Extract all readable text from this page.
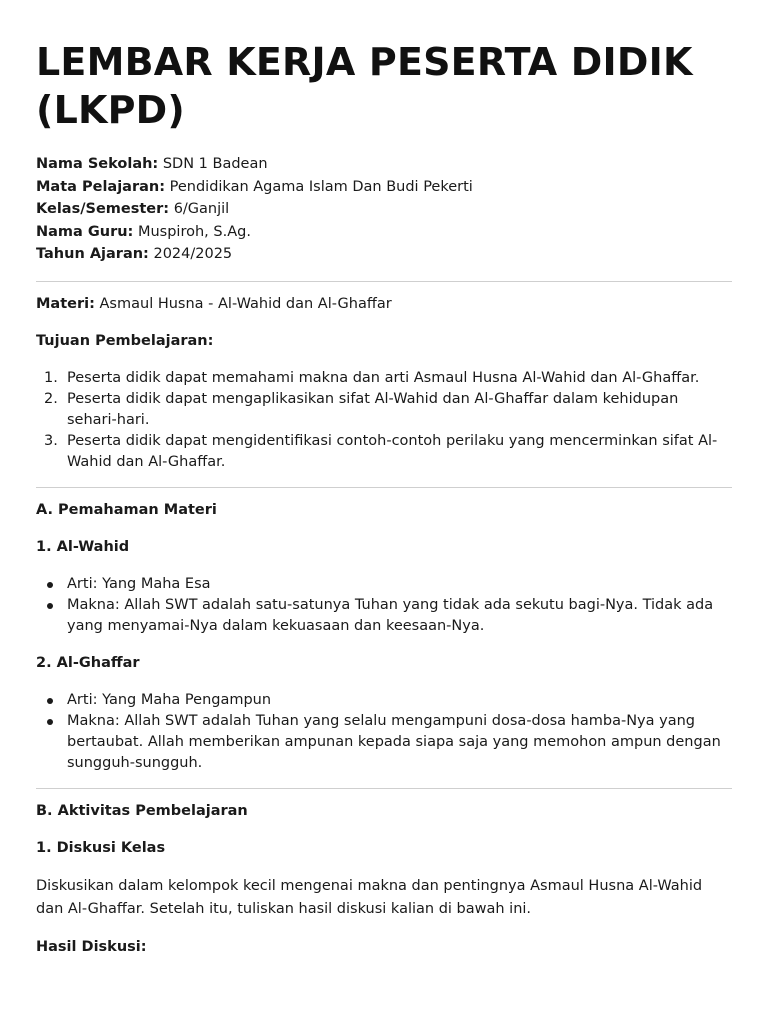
LEMBAR KERJA PESERTA DIDIK (LKPD)
Nama Sekolah: SDN 1 Badean
Mata Pelajaran: Pendidikan Agama Islam Dan Budi Pekerti
Kelas/Semester: 6/Ganjil
Nama Guru: Muspiroh, S.Ag.
Tahun Ajaran: 2024/2025

Materi: Asmaul Husna - Al-Wahid dan Al-Ghaffar

Tujuan Pembelajaran:

1. Peserta didik dapat memahami makna dan arti Asmaul Husna Al-Wahid dan Al-Ghaffar.
2. Peserta didik dapat mengaplikasikan sifat Al-Wahid dan Al-Ghaffar dalam kehidupan sehari-hari.
3. Peserta didik dapat mengidentifikasi contoh-contoh perilaku yang mencerminkan sifat Al-Wahid dan Al-Ghaffar.

A. Pemahaman Materi

1. Al-Wahid

Arti: Yang Maha Esa
Makna: Allah SWT adalah satu-satunya Tuhan yang tidak ada sekutu bagi-Nya. Tidak ada yang menyamai-Nya dalam kekuasaan dan keesaan-Nya.

2. Al-Ghaffar

Arti: Yang Maha Pengampun
Makna: Allah SWT adalah Tuhan yang selalu mengampuni dosa-dosa hamba-Nya yang bertaubat. Allah memberikan ampunan kepada siapa saja yang memohon ampun dengan sungguh-sungguh.

B. Aktivitas Pembelajaran

1. Diskusi Kelas

Diskusikan dalam kelompok kecil mengenai makna dan pentingnya Asmaul Husna Al-Wahid dan Al-Ghaffar. Setelah itu, tuliskan hasil diskusi kalian di bawah ini.

Hasil Diskusi:
